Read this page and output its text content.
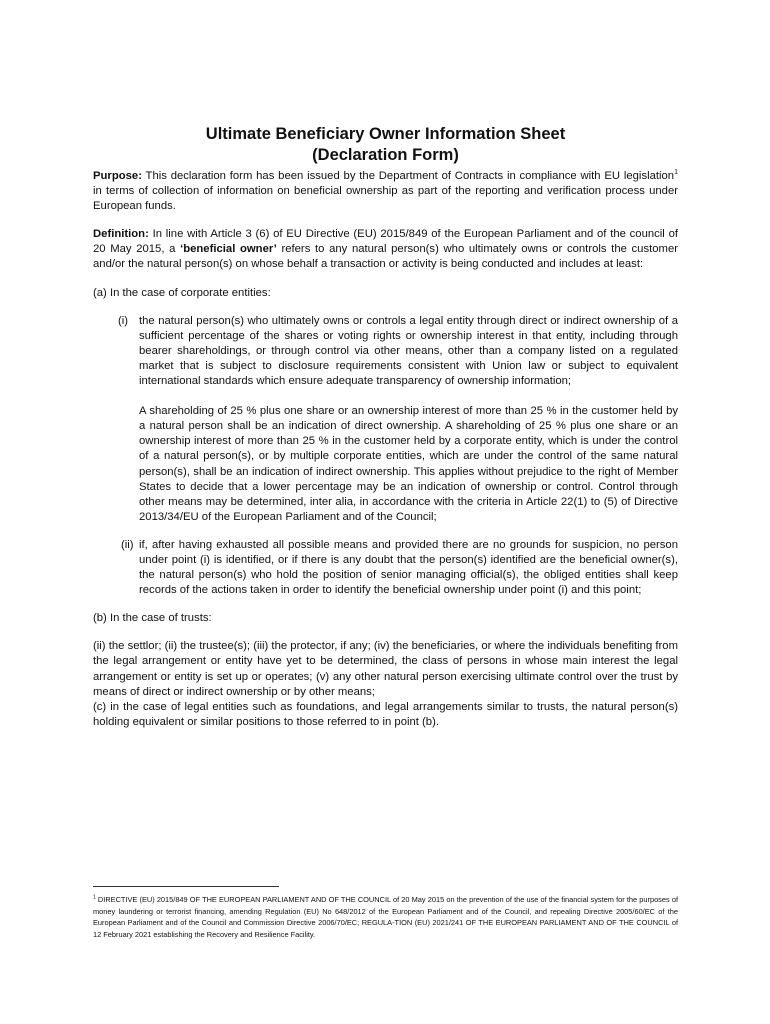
Ultimate Beneficiary Owner Information Sheet
(Declaration Form)

Purpose: This declaration form has been issued by the Department of Contracts in compliance with EU legislation$^1$ in terms of collection of information on beneficial ownership as part of the reporting and verification process under European funds.

Definition: In line with Article 3 (6) of EU Directive (EU) 2015/849 of the European Parliament and of the council of 20 May 2015, a ‘beneficial owner’ refers to any natural person(s) who ultimately owns or controls the customer and/or the natural person(s) on whose behalf a transaction or activity is being conducted and includes at least:

(a) In the case of corporate entities:

(i) the natural person(s) who ultimately owns or controls a legal entity through direct or indirect ownership of a sufficient percentage of the shares or voting rights or ownership interest in that entity, including through bearer shareholdings, or through control via other means, other than a company listed on a regulated market that is subject to disclosure requirements consistent with Union law or subject to equivalent international standards which ensure adequate transparency of ownership information;

A shareholding of 25 % plus one share or an ownership interest of more than 25 % in the customer held by a natural person shall be an indication of direct ownership. A shareholding of 25 % plus one share or an ownership interest of more than 25 % in the customer held by a corporate entity, which is under the control of a natural person(s), or by multiple corporate entities, which are under the control of the same natural person(s), shall be an indication of indirect ownership. This applies without prejudice to the right of Member States to decide that a lower percentage may be an indication of ownership or control. Control through other means may be determined, inter alia, in accordance with the criteria in Article 22(1) to (5) of Directive 2013/34/EU of the European Parliament and of the Council;

(ii) if, after having exhausted all possible means and provided there are no grounds for suspicion, no person under point (i) is identified, or if there is any doubt that the person(s) identified are the beneficial owner(s), the natural person(s) who hold the position of senior managing official(s), the obliged entities shall keep records of the actions taken in order to identify the beneficial ownership under point (i) and this point;

(b) In the case of trusts:

(ii) the settlor; (ii) the trustee(s); (iii) the protector, if any; (iv) the beneficiaries, or where the individuals benefiting from the legal arrangement or entity have yet to be determined, the class of persons in whose main interest the legal arrangement or entity is set up or operates; (v) any other natural person exercising ultimate control over the trust by means of direct or indirect ownership or by other means;

(c) in the case of legal entities such as foundations, and legal arrangements similar to trusts, the natural person(s) holding equivalent or similar positions to those referred to in point (b).

$^1$ DIRECTIVE (EU) 2015/849 OF THE EUROPEAN PARLIAMENT AND OF THE COUNCIL of 20 May 2015 on the prevention of the use of the financial system for the purposes of money laundering or terrorist financing, amending Regulation (EU) No 648/2012 of the European Parliament and of the Council, and repealing Directive 2005/60/EC of the European Parliament and of the Council and Commission Directive 2006/70/EC; REGULA-TION (EU) 2021/241 OF THE EUROPEAN PARLIAMENT AND OF THE COUNCIL of 12 February 2021 establishing the Recovery and Resilience Facility.
